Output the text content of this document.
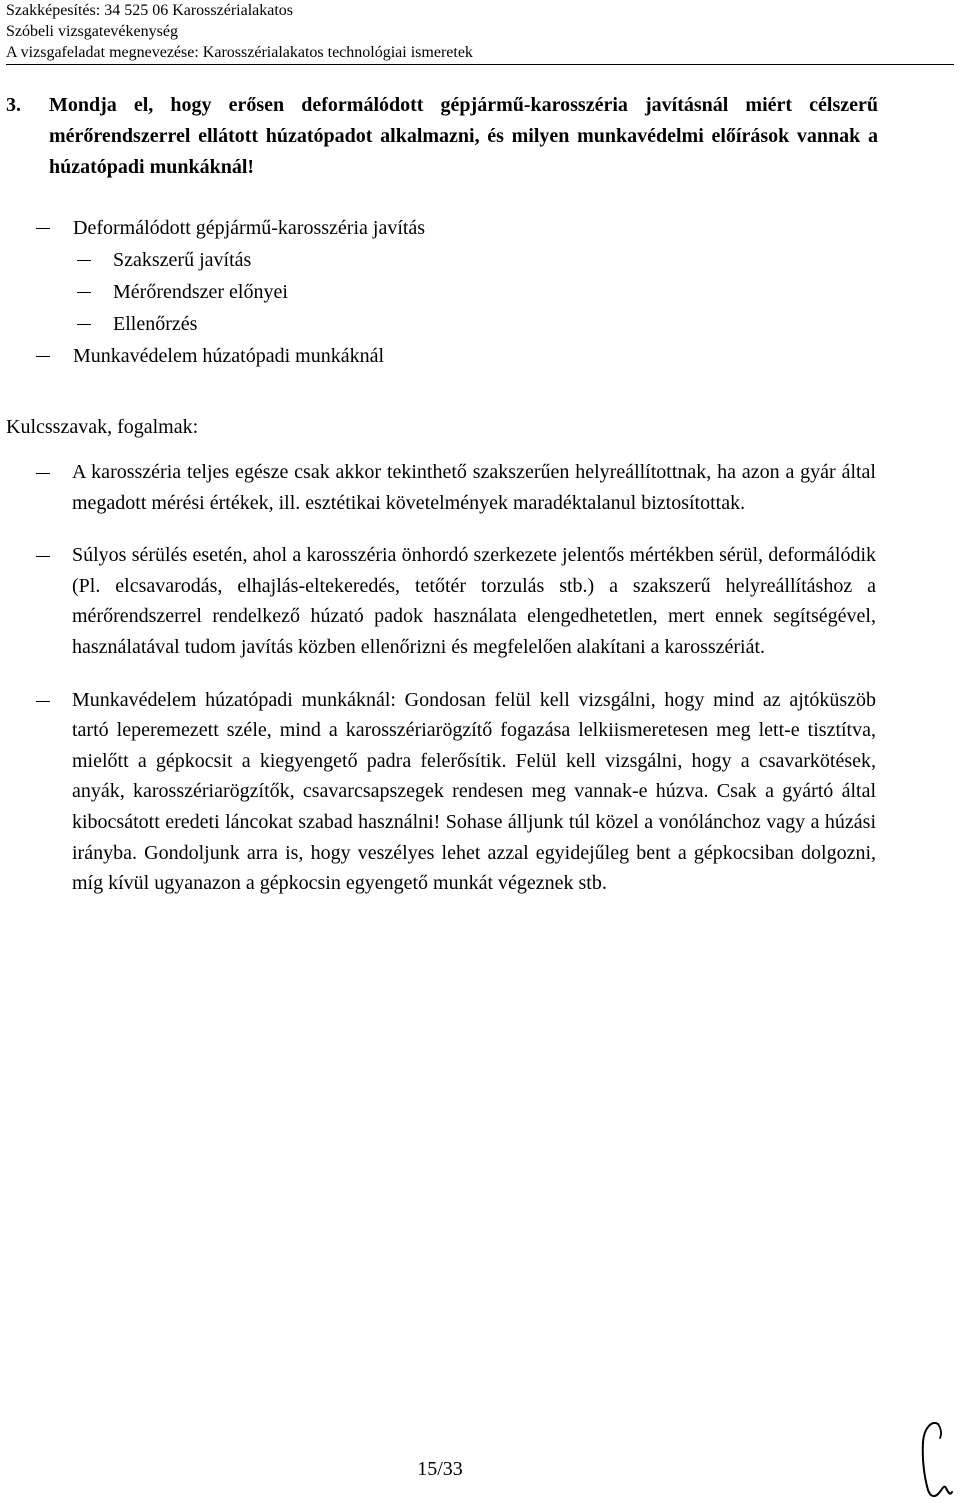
Szakképesítés: 34 525 06 Karosszérialakatos
Szóbeli vizsgatevékenység
A vizsgafeladat megnevezése: Karosszérialakatos technológiai ismeretek
3. Mondja el, hogy erősen deformálódott gépjármű-karosszéria javításnál miért célszerű mérőrendszerrel ellátott húzatópadot alkalmazni, és milyen munkavédelmi előírások vannak a húzatópadi munkáknál!
Deformálódott gépjármű-karosszéria javítás
Szakszerű javítás
Mérőrendszer előnyei
Ellenőrzés
Munkavédelem húzatópadi munkáknál
Kulcsszavak, fogalmak:
A karosszéria teljes egésze csak akkor tekinthető szakszerűen helyreállítottnak, ha azon a gyár által megadott mérési értékek, ill. esztétikai követelmények maradéktalanul biztosítottak.
Súlyos sérülés esetén, ahol a karosszéria önhordó szerkezete jelentős mértékben sérül, deformálódik (Pl. elcsavarodás, elhajlás-eltekeredés, tetőtér torzulás stb.) a szakszerű helyreállításhoz a mérőrendszerrel rendelkező húzató padok használata elengedhetetlen, mert ennek segítségével, használatával tudom javítás közben ellenőrizni és megfelelően alakítani a karosszériát.
Munkavédelem húzatópadi munkáknál: Gondosan felül kell vizsgálni, hogy mind az ajtóküszöb tartó leperemezett széle, mind a karosszériarögzítő fogazása lelkiismeretesen meg lett-e tisztítva, mielőtt a gépkocsit a kiegyengető padra felerősítik. Felül kell vizsgálni, hogy a csavarkötések, anyák, karosszériarögzítők, csavarcsapszegek rendesen meg vannak-e húzva. Csak a gyártó által kibocsátott eredeti láncokat szabad használni! Sohase álljunk túl közel a vonólánchoz vagy a húzási irányba. Gondoljunk arra is, hogy veszélyes lehet azzal egyidejűleg bent a gépkocsiban dolgozni, míg kívül ugyanazon a gépkocsin egyengető munkát végeznek stb.
15/33
